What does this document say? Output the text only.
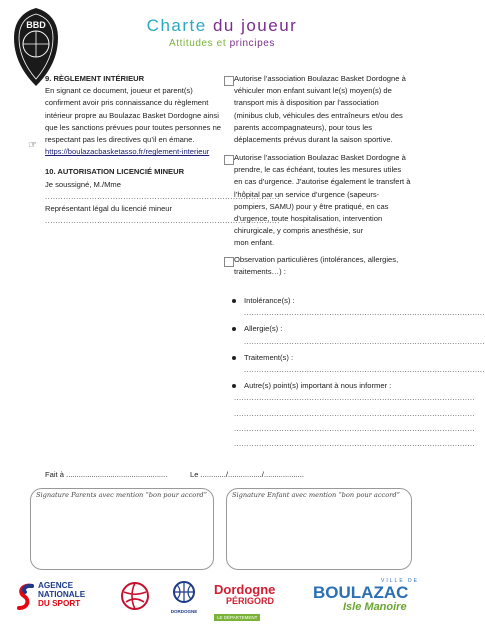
BBD	Charte du joueur
Attitudes et principes

9. RÈGLEMENT INTÉRIEUR

En signant ce document, joueur et parent(s)

confirment avoir pris connaissance du règlement

intérieur propre au Boulazac Basket Dordogne ainsi

que les sanctions prévues pour toutes personnes ne

respectant pas les directives qu’il en émane.

https://boulazacbasketasso.fr/reglement-interieur

10. AUTORISATION LICENCIÉ MINEUR

Je soussigné, M./Mme

..........................................................................................

Représentant légal du licencié mineur

..........................................................................................

☞
Autorise l’association Boulazac Basket Dordogne à
véhiculer mon enfant suivant le(s) moyen(s) de
transport mis à disposition par l’association
(minibus club, véhicules des entraîneurs et/ou des
parents accompagnateurs), pour tous les
déplacements prévus durant la saison sportive.
Autorise l’association Boulazac Basket Dordogne à
prendre, le cas échéant, toutes les mesures utiles
en cas d’urgence. J’autorise également le transfert à
l’hôpital par un service d’urgence (sapeurs-
pompiers, SAMU) pour y être pratiqué, en cas
d’urgence, toute hospitalisation, intervention
chirurgicale, y compris anesthésie, sur
mon enfant.
Observation particulières (intolérances, allergies,
traitements…) :
Intolérance(s) :
................................................................................................
Allergie(s) :
................................................................................................
Traitement(s) :
................................................................................................
Autre(s) point(s) important à nous informer :
................................................................................................
................................................................................................
................................................................................................
................................................................................................
Fait à ................................................	Le ............/................/...................
Signature Parents avec mention “bon pour accord”	Signature Enfant avec mention “bon pour accord”
AGENCE
NATIONALE
DU SPORT
DORDOGNE
Dordogne
PÉRIGORD
LE DÉPARTEMENT
VILLE DE
BOULAZAC
Isle Manoire
